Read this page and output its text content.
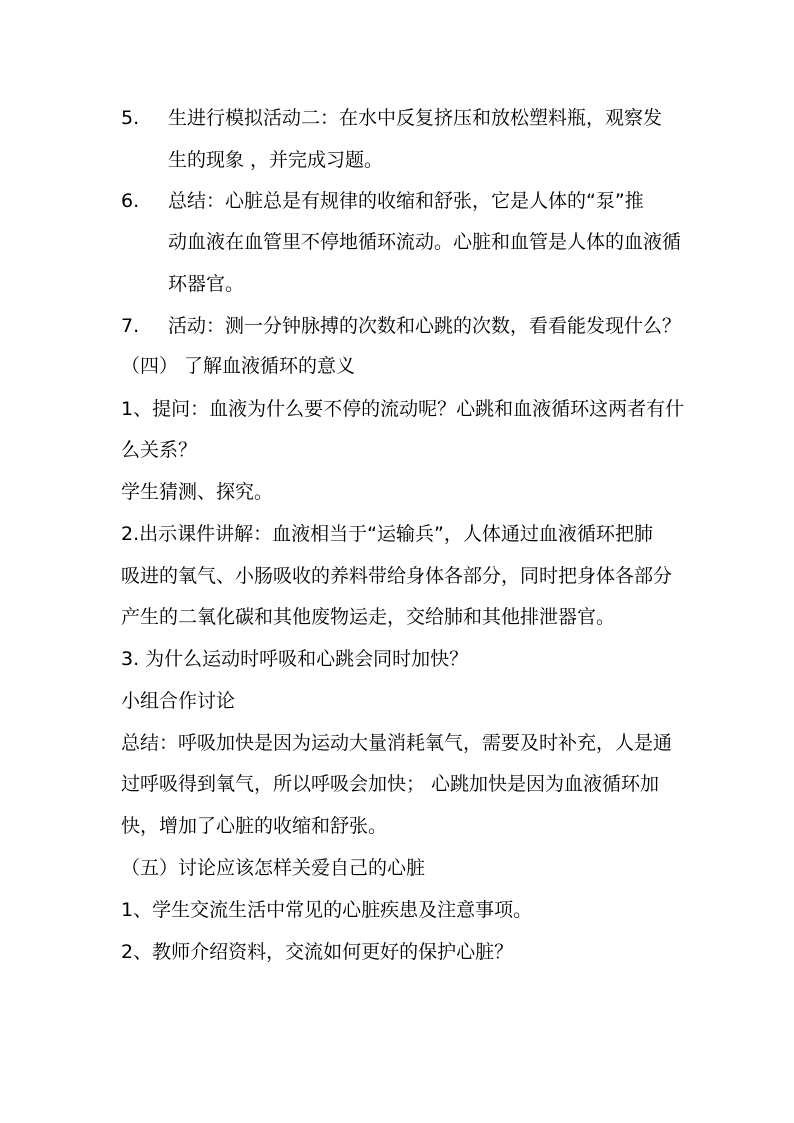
5. 生进行模拟活动二：在水中反复挤压和放松塑料瓶，观察发
生的现象 ，并完成习题。
6. 总结：心脏总是有规律的收缩和舒张，它是人体的“泵”推
动血液在血管里不停地循环流动。心脏和血管是人体的血液循
环器官。
7. 活动：测一分钟脉搏的次数和心跳的次数，看看能发现什么？
（四） 了解血液循环的意义
1、提问：血液为什么要不停的流动呢？心跳和血液循环这两者有什
么关系？
学生猜测、探究。
2.出示课件讲解：血液相当于“运输兵”，人体通过血液循环把肺
吸进的氧气、小肠吸收的养料带给身体各部分，同时把身体各部分
产生的二氧化碳和其他废物运走，交给肺和其他排泄器官。
3. 为什么运动时呼吸和心跳会同时加快？
小组合作讨论
总结：呼吸加快是因为运动大量消耗氧气，需要及时补充，人是通
过呼吸得到氧气，所以呼吸会加快； 心跳加快是因为血液循环加
快，增加了心脏的收缩和舒张。
（五）讨论应该怎样关爱自己的心脏
1、学生交流生活中常见的心脏疾患及注意事项。
2、教师介绍资料，交流如何更好的保护心脏？
